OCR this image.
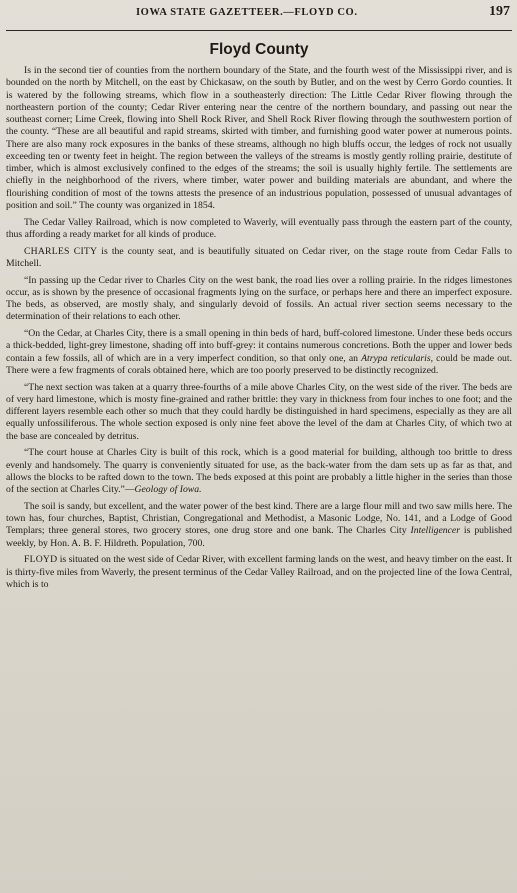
IOWA STATE GAZETTEER.—FLOYD CO.	197
Floyd County

Is in the second tier of counties from the northern boundary of the State, and the fourth west of the Mississippi river, and is bounded on the north by Mitchell, on the east by Chickasaw, on the south by Butler, and on the west by Cerro Gordo counties. It is watered by the following streams, which flow in a southeasterly direction: The Little Cedar River flowing through the northeastern portion of the county; Cedar River entering near the centre of the northern boundary, and passing out near the southeast corner; Lime Creek, flowing into Shell Rock River, and Shell Rock River flowing through the southwestern portion of the county. “These are all beautiful and rapid streams, skirted with timber, and furnishing good water power at numerous points. There are also many rock exposures in the banks of these streams, although no high bluffs occur, the ledges of rock not usually exceeding ten or twenty feet in height. The region between the valleys of the streams is mostly gently rolling prairie, destitute of timber, which is almost exclusively confined to the edges of the streams; the soil is usually highly fertile. The settlements are chiefly in the neighborhood of the rivers, where timber, water power and building materials are abundant, and where the flourishing condition of most of the towns attests the presence of an industrious population, possessed of unusual advantages of position and soil.” The county was organized in 1854.

The Cedar Valley Railroad, which is now completed to Waverly, will eventually pass through the eastern part of the county, thus affording a ready market for all kinds of produce.

CHARLES CITY is the county seat, and is beautifully situated on Cedar river, on the stage route from Cedar Falls to Mitchell.

“In passing up the Cedar river to Charles City on the west bank, the road lies over a rolling prairie. In the ridges limestones occur, as is shown by the presence of occasional fragments lying on the surface, or perhaps here and there an imperfect exposure. The beds, as observed, are mostly shaly, and singularly devoid of fossils. An actual river section seems necessary to the determination of their relations to each other.

“On the Cedar, at Charles City, there is a small opening in thin beds of hard, buff-colored limestone. Under these beds occurs a thick-bedded, light-grey limestone, shading off into buff-grey: it contains numerous concretions. Both the upper and lower beds contain a few fossils, all of which are in a very imperfect condition, so that only one, an Atrypa reticularis, could be made out. There were a few fragments of corals obtained here, which are too poorly preserved to be distinctly recognized.

“The next section was taken at a quarry three-fourths of a mile above Charles City, on the west side of the river. The beds are of very hard limestone, which is mosty fine-grained and rather brittle: they vary in thickness from four inches to one foot; and the different layers resemble each other so much that they could hardly be distinguished in hard specimens, especially as they are all equally unfossiliferous. The whole section exposed is only nine feet above the level of the dam at Charles City, of which two at the base are concealed by detritus.

“The court house at Charles City is built of this rock, which is a good material for building, although too brittle to dress evenly and handsomely. The quarry is conveniently situated for use, as the back-water from the dam sets up as far as that, and allows the blocks to be rafted down to the town. The beds exposed at this point are probably a little higher in the series than those of the section at Charles City.”—Geology of Iowa.

The soil is sandy, but excellent, and the water power of the best kind. There are a large flour mill and two saw mills here. The town has, four churches, Baptist, Christian, Congregational and Methodist, a Masonic Lodge, No. 141, and a Lodge of Good Templars; three general stores, two grocery stores, one drug store and one bank. The Charles City Intelligencer is published weekly, by Hon. A. B. F. Hildreth. Population, 700.

FLOYD is situated on the west side of Cedar River, with excellent farming lands on the west, and heavy timber on the east. It is thirty-five miles from Waverly, the present terminus of the Cedar Valley Railroad, and on the projected line of the Iowa Central, which is to
